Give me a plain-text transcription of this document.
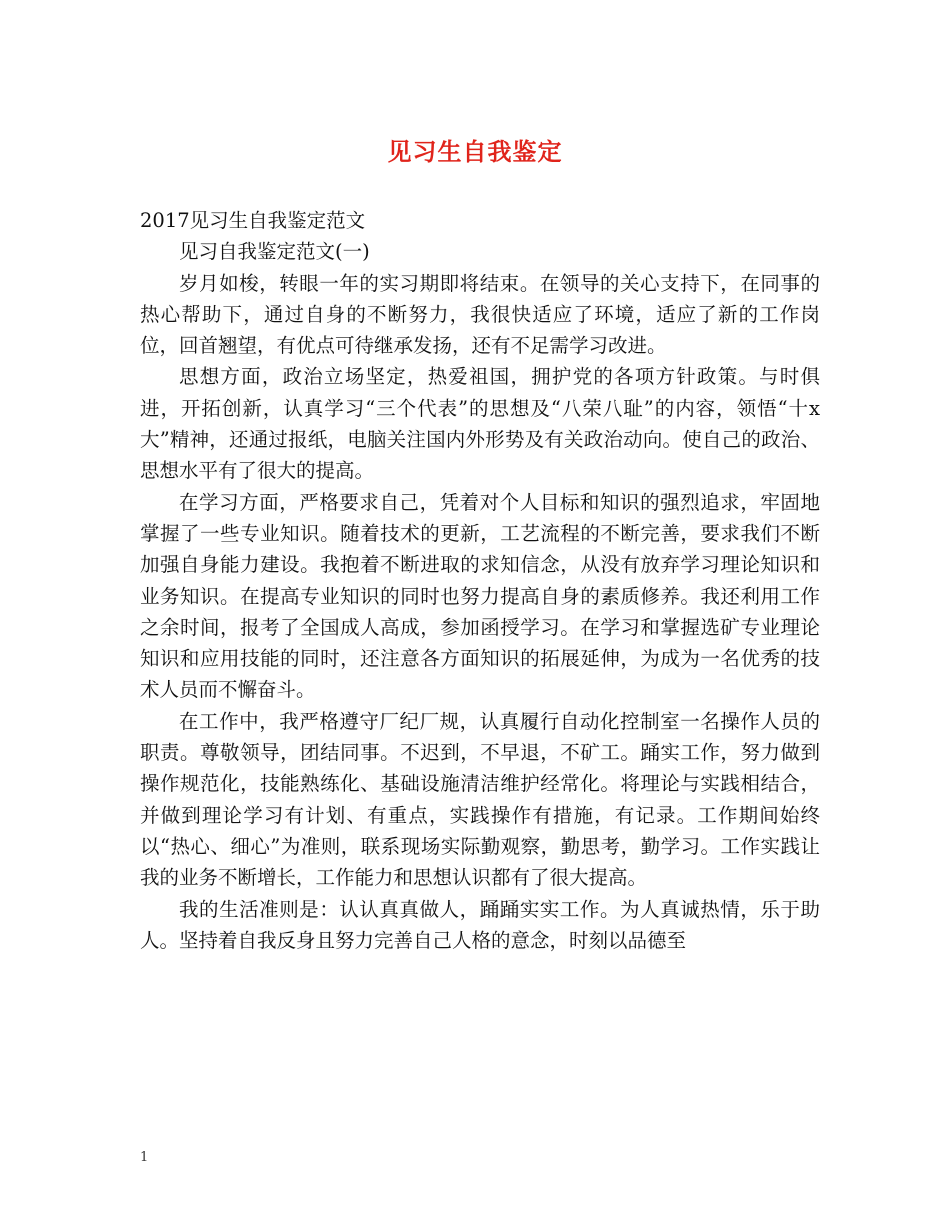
见习生自我鉴定

2017见习生自我鉴定范文

见习自我鉴定范文(一)

岁月如梭，转眼一年的实习期即将结束。在领导的关心支持下，在同事的热心帮助下，通过自身的不断努力，我很快适应了环境，适应了新的工作岗位，回首翘望，有优点可待继承发扬，还有不足需学习改进。

思想方面，政治立场坚定，热爱祖国，拥护党的各项方针政策。与时俱进，开拓创新，认真学习“三个代表”的思想及“八荣八耻”的内容，领悟“十x大”精神，还通过报纸，电脑关注国内外形势及有关政治动向。使自己的政治、思想水平有了很大的提高。

在学习方面，严格要求自己，凭着对个人目标和知识的强烈追求，牢固地掌握了一些专业知识。随着技术的更新，工艺流程的不断完善，要求我们不断加强自身能力建设。我抱着不断进取的求知信念，从没有放弃学习理论知识和业务知识。在提高专业知识的同时也努力提高自身的素质修养。我还利用工作之余时间，报考了全国成人高成，参加函授学习。在学习和掌握选矿专业理论知识和应用技能的同时，还注意各方面知识的拓展延伸，为成为一名优秀的技术人员而不懈奋斗。

在工作中，我严格遵守厂纪厂规，认真履行自动化控制室一名操作人员的职责。尊敬领导，团结同事。不迟到，不早退，不矿工。踊实工作，努力做到操作规范化，技能熟练化、基础设施清洁维护经常化。将理论与实践相结合，并做到理论学习有计划、有重点，实践操作有措施，有记录。工作期间始终以“热心、细心”为准则，联系现场实际勤观察，勤思考，勤学习。工作实践让我的业务不断增长，工作能力和思想认识都有了很大提高。

我的生活准则是：认认真真做人，踊踊实实工作。为人真诚热情，乐于助人。坚持着自我反身且努力完善自己人格的意念，时刻以品德至

1
